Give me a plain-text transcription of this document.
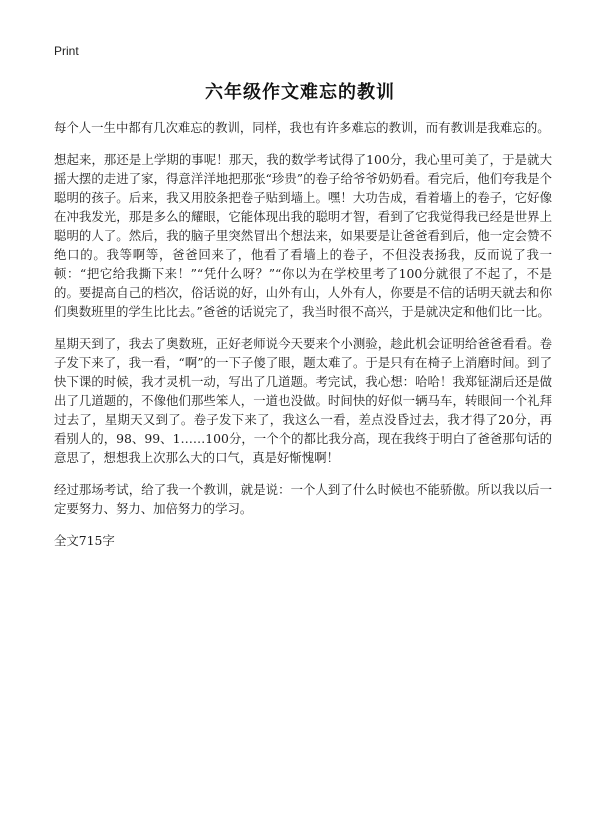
Print
六年级作文难忘的教训

每个人一生中都有几次难忘的教训，同样，我也有许多难忘的教训，而有教训是我难忘的。

想起来，那还是上学期的事呢！那天，我的数学考试得了100分，我心里可美了，于是就大摇大摆的走进了家，得意洋洋地把那张“珍贵”的卷子给爷爷奶奶看。看完后，他们夸我是个聪明的孩子。后来，我又用胶条把卷子贴到墙上。嘿！大功告成，看着墙上的卷子，它好像在冲我发光，那是多么的耀眼，它能体现出我的聪明才智，看到了它我觉得我已经是世界上聪明的人了。然后，我的脑子里突然冒出个想法来，如果要是让爸爸看到后，他一定会赞不绝口的。我等啊等，爸爸回来了，他看了看墙上的卷子，不但没表扬我，反而说了我一顿：“把它给我撕下来！”“凭什么呀？”“你以为在学校里考了100分就很了不起了，不是的。要提高自己的档次，俗话说的好，山外有山，人外有人，你要是不信的话明天就去和你们奥数班里的学生比比去。”爸爸的话说完了，我当时很不高兴，于是就决定和他们比一比。

星期天到了，我去了奥数班，正好老师说今天要来个小测验，趁此机会证明给爸爸看看。卷子发下来了，我一看，“啊”的一下子傻了眼，题太难了。于是只有在椅子上消磨时间。到了快下课的时候，我才灵机一动，写出了几道题。考完试，我心想：哈哈！我郑钲湖后还是做出了几道题的，不像他们那些笨人，一道也没做。时间快的好似一辆马车，转眼间一个礼拜过去了，星期天又到了。卷子发下来了，我这么一看，差点没昏过去，我才得了20分，再看别人的，98、99、1……100分，一个个的都比我分高，现在我终于明白了爸爸那句话的意思了，想想我上次那么大的口气，真是好惭愧啊！

经过那场考试，给了我一个教训，就是说：一个人到了什么时候也不能骄傲。所以我以后一定要努力、努力、加倍努力的学习。

全文715字
